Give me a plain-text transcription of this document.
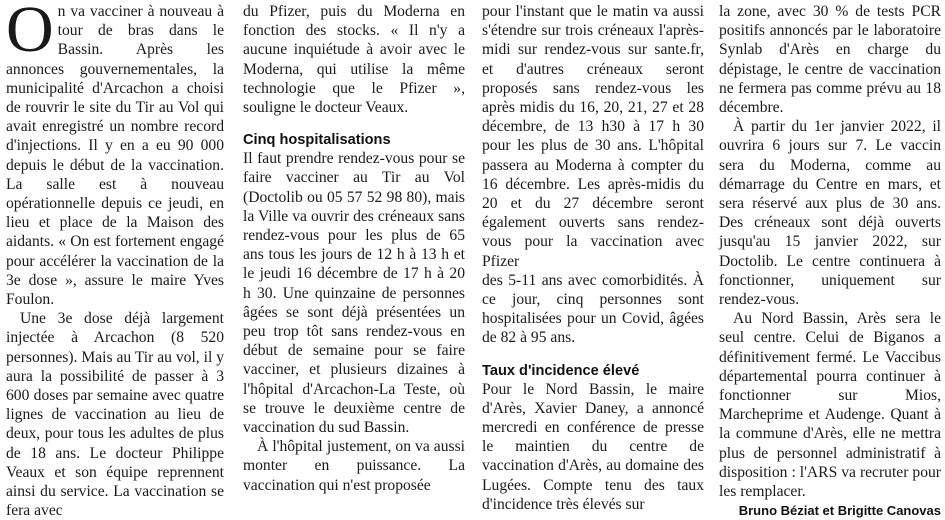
On va vacciner à nouveau à tour de bras dans le Bassin. Après les annonces gouvernementales, la municipalité d'Arcachon a choisi de rouvrir le site du Tir au Vol qui avait enregistré un nombre record d'injections. Il y en a eu 90 000 depuis le début de la vaccination. La salle est à nouveau opérationnelle depuis ce jeudi, en lieu et place de la Maison des aidants. « On est fortement engagé pour accélérer la vaccination de la 3e dose », assure le maire Yves Foulon.

Une 3e dose déjà largement injectée à Arcachon (8 520 personnes). Mais au Tir au vol, il y aura la possibilité de passer à 3 600 doses par semaine avec quatre lignes de vaccination au lieu de deux, pour tous les adultes de plus de 18 ans. Le docteur Philippe Veaux et son équipe reprennent ainsi du service. La vaccination se fera avec

du Pfizer, puis du Moderna en fonction des stocks. « Il n'y a aucune inquiétude à avoir avec le Moderna, qui utilise la même technologie que le Pfizer », souligne le docteur Veaux.

Cinq hospitalisations

Il faut prendre rendez-vous pour se faire vacciner au Tir au Vol (Doctolib ou 05 57 52 98 80), mais la Ville va ouvrir des créneaux sans rendez-vous pour les plus de 65 ans tous les jours de 12 h à 13 h et le jeudi 16 décembre de 17 h à 20 h 30. Une quinzaine de personnes âgées se sont déjà présentées un peu trop tôt sans rendez-vous en début de semaine pour se faire vacciner, et plusieurs dizaines à l'hôpital d'Arcachon-La Teste, où se trouve le deuxième centre de vaccination du sud Bassin.

À l'hôpital justement, on va aussi monter en puissance. La vaccination qui n'est proposée

pour l'instant que le matin va aussi s'étendre sur trois créneaux l'après-midi sur rendez-vous sur sante.fr, et d'autres créneaux seront proposés sans rendez-vous les après midis du 16, 20, 21, 27 et 28 décembre, de 13 h30 à 17 h 30 pour les plus de 30 ans. L'hôpital passera au Moderna à compter du 16 décembre. Les après-midis du 20 et du 27 décembre seront également ouverts sans rendez-vous pour la vaccination avec Pfizer

des 5-11 ans avec comorbidités. À ce jour, cinq personnes sont hospitalisées pour un Covid, âgées de 82 à 95 ans.

Taux d'incidence élevé

Pour le Nord Bassin, le maire d'Arès, Xavier Daney, a annoncé mercredi en conférence de presse le maintien du centre de vaccination d'Arès, au domaine des Lugées. Compte tenu des taux d'incidence très élevés sur

la zone, avec 30 % de tests PCR positifs annoncés par le laboratoire Synlab d'Arès en charge du dépistage, le centre de vaccination ne fermera pas comme prévu au 18 décembre.

À partir du 1er janvier 2022, il ouvrira 6 jours sur 7. Le vaccin sera du Moderna, comme au démarrage du Centre en mars, et sera réservé aux plus de 30 ans. Des créneaux sont déjà ouverts jusqu'au 15 janvier 2022, sur Doctolib. Le centre continuera à fonctionner, uniquement sur rendez-vous.

Au Nord Bassin, Arès sera le seul centre. Celui de Biganos a définitivement fermé. Le Vaccibus départemental pourra continuer à fonctionner sur Mios, Marcheprime et Audenge. Quant à la commune d'Arès, elle ne mettra plus de personnel administratif à disposition : l'ARS va recruter pour les remplacer.

Bruno Béziat et Brigitte Canovas
